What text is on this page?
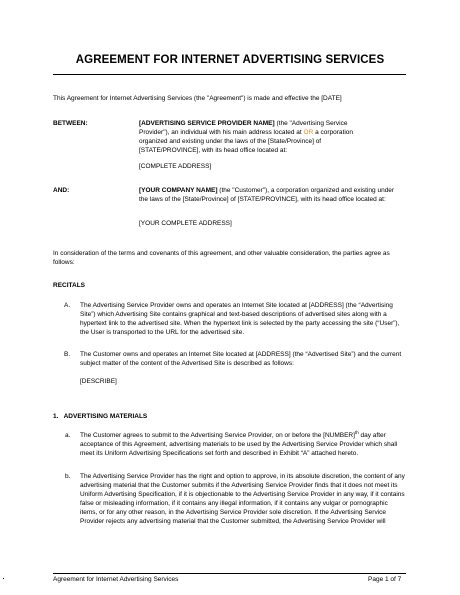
AGREEMENT FOR INTERNET ADVERTISING SERVICES
This Agreement for Internet Advertising Services (the "Agreement") is made and effective the [DATE]
BETWEEN:	[ADVERTISING SERVICE PROVIDER NAME] (the "Advertising Service Provider"), an individual with his main address located at OR a corporation organized and existing under the laws of the [State/Province] of [STATE/PROVINCE], with its head office located at:

[COMPLETE ADDRESS]
AND:	[YOUR COMPANY NAME] (the "Customer"), a corporation organized and existing under the laws of the [State/Province] of [STATE/PROVINCE], with its head office located at:

[YOUR COMPLETE ADDRESS]
In consideration of the terms and covenants of this agreement, and other valuable consideration, the parties agree as follows:
RECITALS
A. The Advertising Service Provider owns and operates an Internet Site located at [ADDRESS] (the “Advertising Site”) which Advertising Site contains graphical and text-based descriptions of advertised sites along with a hypertext link to the advertised site. When the hypertext link is selected by the party accessing the site (“User”), the User is transported to the URL for the advertised site.
B. The Customer owns and operates an Internet Site located at [ADDRESS] (the “Advertised Site”) and the current subject matter of the content of the Advertised Site is described as follows:
[DESCRIBE]
1.   ADVERTISING MATERIALS
a. The Customer agrees to submit to the Advertising Service Provider, on or before the [NUMBER]$^{th}$ day after acceptance of this Agreement, advertising materials to be used by the Advertising Service Provider which shall meet its Uniform Advertising Specifications set forth and described in Exhibit “A” attached hereto.

b. The Advertising Service Provider has the right and option to approve, in its absolute discretion, the content of any advertising material that the Customer submits if the Advertising Service Provider finds that it does not meet its Uniform Advertising Specification, if it is objectionable to the Advertising Service Provider in any way, if it contains false or misleading information, if it contains any illegal information, if it contains any vulgar or pornographic items, or for any other reason, in the Advertising Service Provider sole discretion. If the Advertising Service Provider rejects any advertising material that the Customer submitted, the Advertising Service Provider will
Agreement for Internet Advertising Services	Page 1 of 7
